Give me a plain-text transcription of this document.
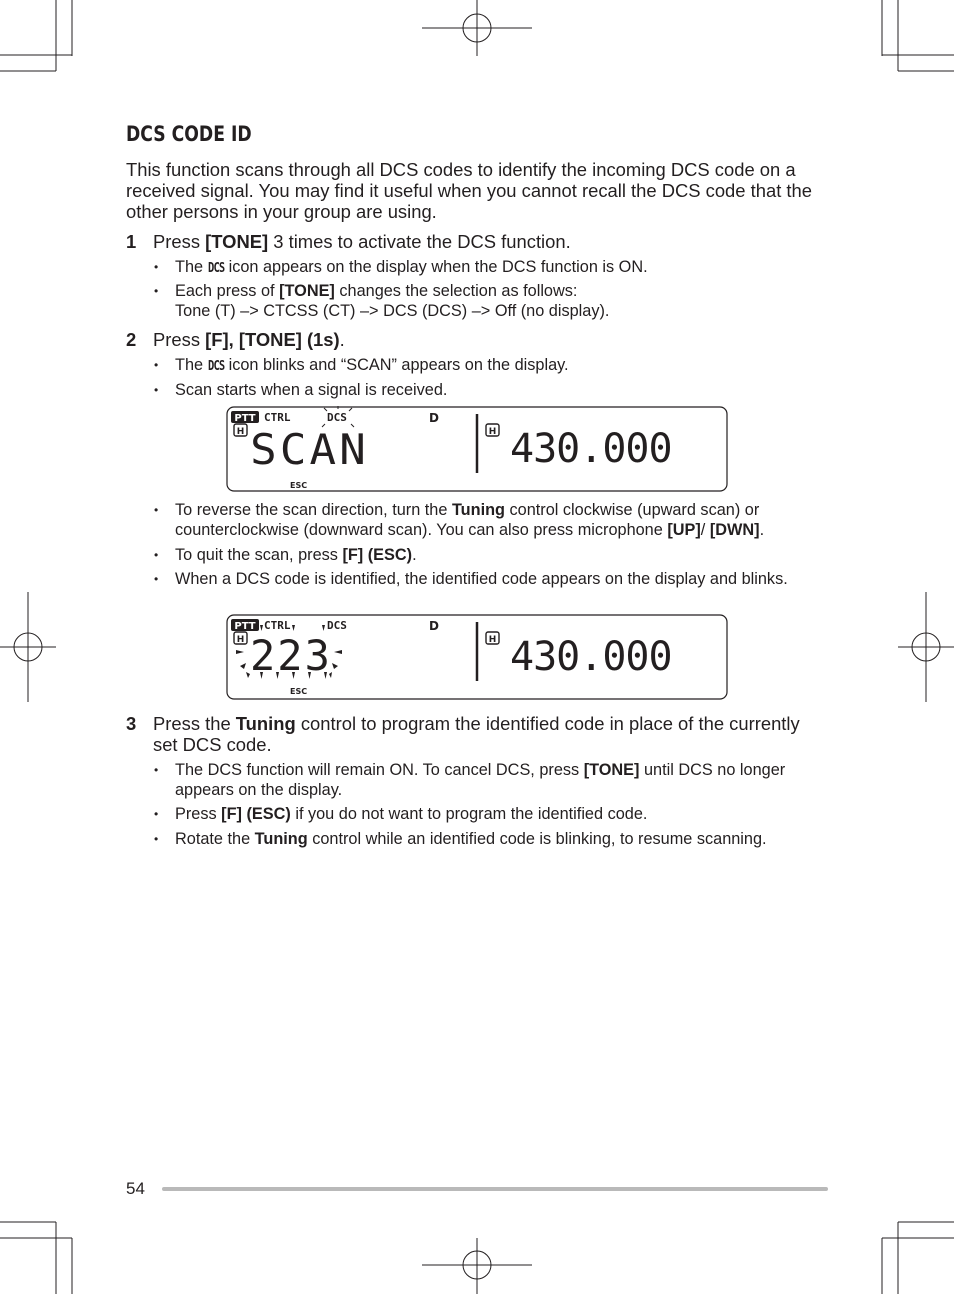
DCS CODE ID

This function scans through all DCS codes to identify the incoming DCS code on a received signal. You may find it useful when you cannot recall the DCS code that the other persons in your group are using.

1 Press [TONE] 3 times to activate the DCS function.
• The DCS icon appears on the display when the DCS function is ON.
• Each press of [TONE] changes the selection as follows:
Tone (T) –> CTCSS (CT) –> DCS (DCS) –> Off (no display).
2 Press [F], [TONE] (1s).
• The DCS icon blinks and “SCAN” appears on the display.
• Scan starts when a signal is received.
PTT CTRL	DCS	D
H SCAN
ESC
H 430.000
• To reverse the scan direction, turn the Tuning control clockwise (upward scan) or counterclockwise (downward scan). You can also press microphone [UP]/ [DWN].
• To quit the scan, press [F] (ESC).
• When a DCS code is identified, the identified code appears on the display and blinks.
PTT CTRL	DCS	D
H 223
ESC
H 430.000
3 Press the Tuning control to program the identified code in place of the currently set DCS code.
• The DCS function will remain ON. To cancel DCS, press [TONE] until DCS no longer appears on the display.
• Press [F] (ESC) if you do not want to program the identified code.
• Rotate the Tuning control while an identified code is blinking, to resume scanning.
54
